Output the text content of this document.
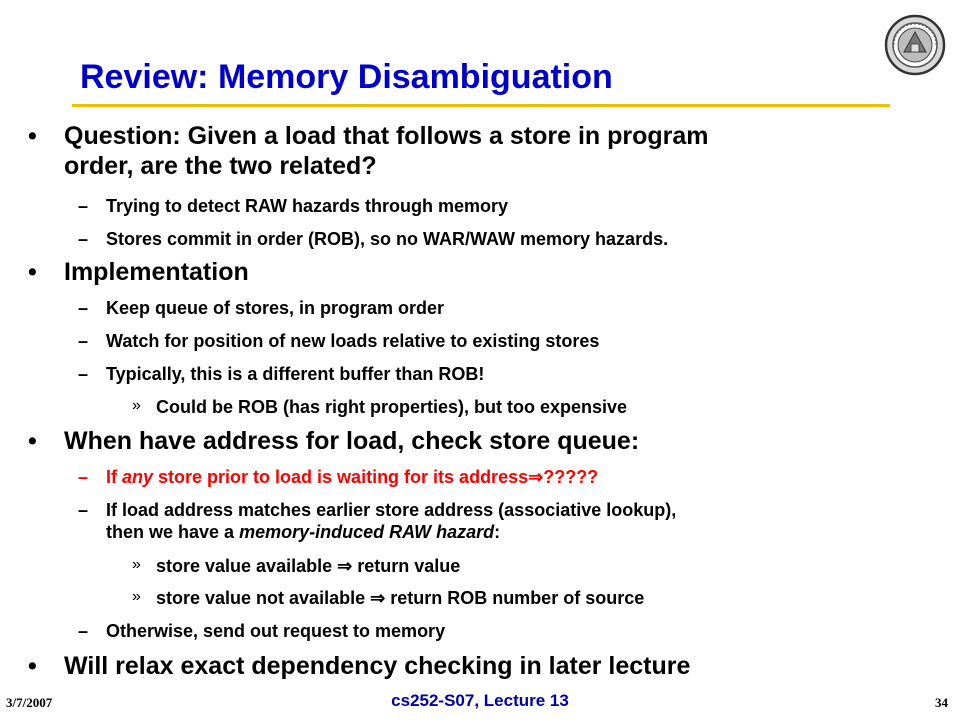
Review: Memory Disambiguation
• Question: Given a load that follows a store in program
order, are the two related?
– Trying to detect RAW hazards through memory
– Stores commit in order (ROB), so no WAR/WAW memory hazards.
• Implementation
– Keep queue of stores, in program order
– Watch for position of new loads relative to existing stores
– Typically, this is a different buffer than ROB!
» Could be ROB (has right properties), but too expensive
• When have address for load, check store queue:
– If any store prior to load is waiting for its address⇒?????
– If load address matches earlier store address (associative lookup),
then we have a memory-induced RAW hazard:
» store value available ⇒ return value
» store value not available ⇒ return ROB number of source
– Otherwise, send out request to memory
• Will relax exact dependency checking in later lecture
3/7/2007	cs252-S07, Lecture 13	34
